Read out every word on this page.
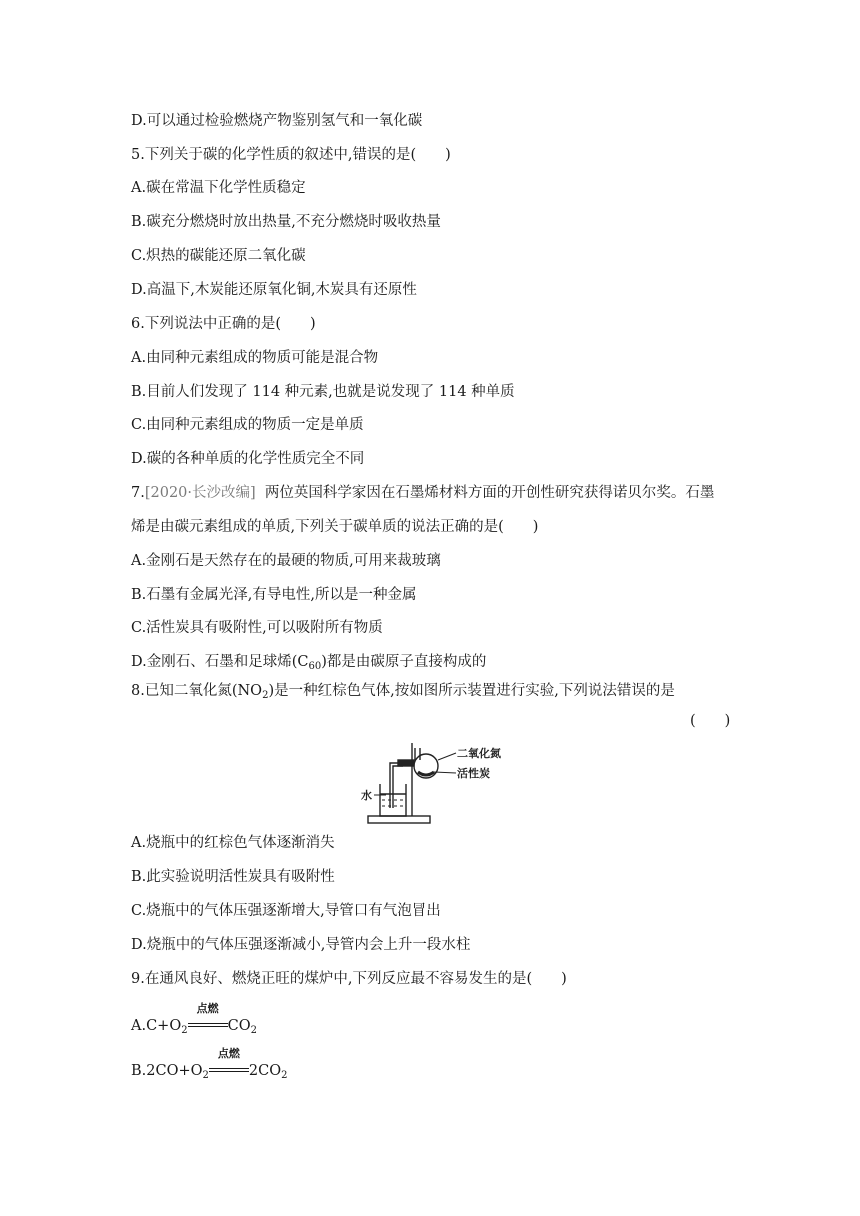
D.可以通过检验燃烧产物鉴别氢气和一氧化碳
5.下列关于碳的化学性质的叙述中,错误的是(　　)
A.碳在常温下化学性质稳定
B.碳充分燃烧时放出热量,不充分燃烧时吸收热量
C.炽热的碳能还原二氧化碳
D.高温下,木炭能还原氧化铜,木炭具有还原性
6.下列说法中正确的是(　　)
A.由同种元素组成的物质可能是混合物
B.目前人们发现了 114 种元素,也就是说发现了 114 种单质
C.由同种元素组成的物质一定是单质
D.碳的各种单质的化学性质完全不同
7.[2020·长沙改编] 两位英国科学家因在石墨烯材料方面的开创性研究获得诺贝尔奖。石墨
烯是由碳元素组成的单质,下列关于碳单质的说法正确的是(　　)
A.金刚石是天然存在的最硬的物质,可用来裁玻璃
B.石墨有金属光泽,有导电性,所以是一种金属
C.活性炭具有吸附性,可以吸附所有物质
D.金刚石、石墨和足球烯$(C_{60})$都是由碳原子直接构成的
8.已知二氧化氮$(NO_2)$是一种红棕色气体,按如图所示装置进行实验,下列说法错误的是
(　　)
二氧化氮
活性炭
水
A.烧瓶中的红棕色气体逐渐消失
B.此实验说明活性炭具有吸附性
C.烧瓶中的气体压强逐渐增大,导管口有气泡冒出
D.烧瓶中的气体压强逐渐减小,导管内会上升一段水柱
9.在通风良好、燃烧正旺的煤炉中,下列反应最不容易发生的是(　　)
$A.C+O_2$
点燃
$CO_2$
$B.2CO+O_2$
点燃
$2CO_2$
